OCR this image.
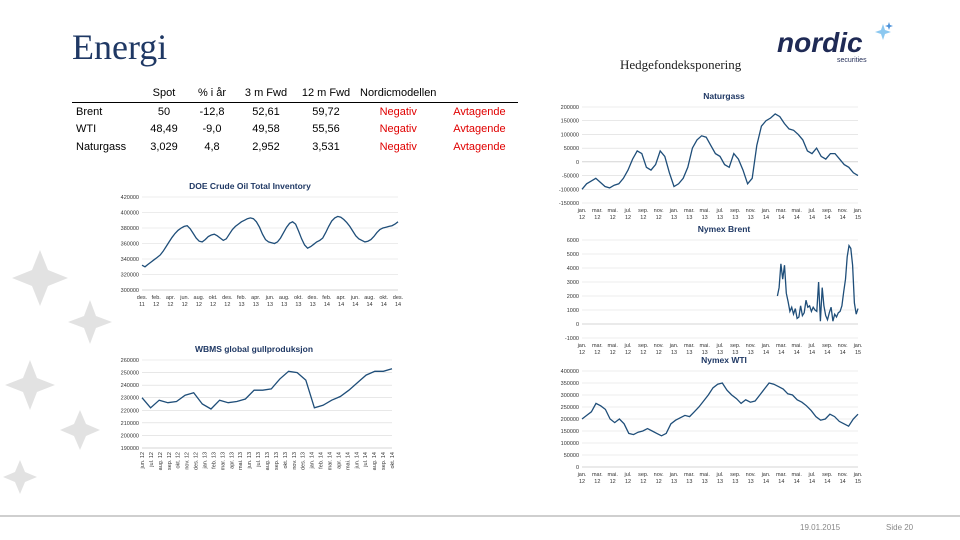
Energi	Hedgefondeksponering
nordic
securities
	Spot	% i år	3 m Fwd	12 m Fwd	Nordicmodellen	
Brent	50	-12,8	52,61	59,72	Negativ	Avtagende
WTI	48,49	-9,0	49,58	55,56	Negativ	Avtagende
Naturgass	3,029	4,8	2,952	3,531	Negativ	Avtagende
DOE Crude Oil Total Inventory
420000
400000
380000
360000
340000
320000
300000
des. 11
feb. 12
apr. 12
jun. 12
aug. 12
okt. 12
des. 12
feb. 13
apr. 13
jun. 13
aug. 13
okt. 13
des. 13
feb. 14
apr. 14
jun. 14
aug. 14
okt. 14
des. 14
WBMS global gullproduksjon
260000
250000
240000
230000
220000
210000
200000
190000
jun. 12 jul. 12 aug. 12 sep. 12 okt. 12 nov. 12 des. 12 jan. 13 feb. 13 mar. 13 apr. 13 mai. 13 jun. 13 jul. 13 aug. 13 sep. 13 okt. 13 nov. 13 des. 13 jan. 14 feb. 14 mar. 14 apr. 14 mai. 14 jun. 14 jul. 14 aug. 14 sep. 14 okt. 14
Naturgass
200000
150000
100000
50000
0
-50000
-100000
-150000
jan. 12
mar. 12
mai. 12
jul. 12
sep. 12
nov. 12
jan. 13
mar. 13
mai. 13
jul. 13
sep. 13
nov. 13
jan. 14
mar. 14
mai. 14
jul. 14
sep. 14
nov. 14
jan. 15
Nymex Brent
6000
5000
4000
3000
2000
1000
0
-1000
jan. 12
mar. 12
mai. 12
jul. 12
sep. 12
nov. 12
jan. 13
mar. 13
mai. 13
jul. 13
sep. 13
nov. 13
jan. 14
mar. 14
mai. 14
jul. 14
sep. 14
nov. 14
jan. 15
Nymex WTI
400000
350000
300000
250000
200000
150000
100000
50000
0
jan. 12
mar. 12
mai. 12
jul. 12
sep. 12
nov. 12
jan. 13
mar. 13
mai. 13
jul. 13
sep. 13
nov. 13
jan. 14
mar. 14
mai. 14
jul. 14
sep. 14
nov. 14
jan. 15
19.01.2015	Side 20
